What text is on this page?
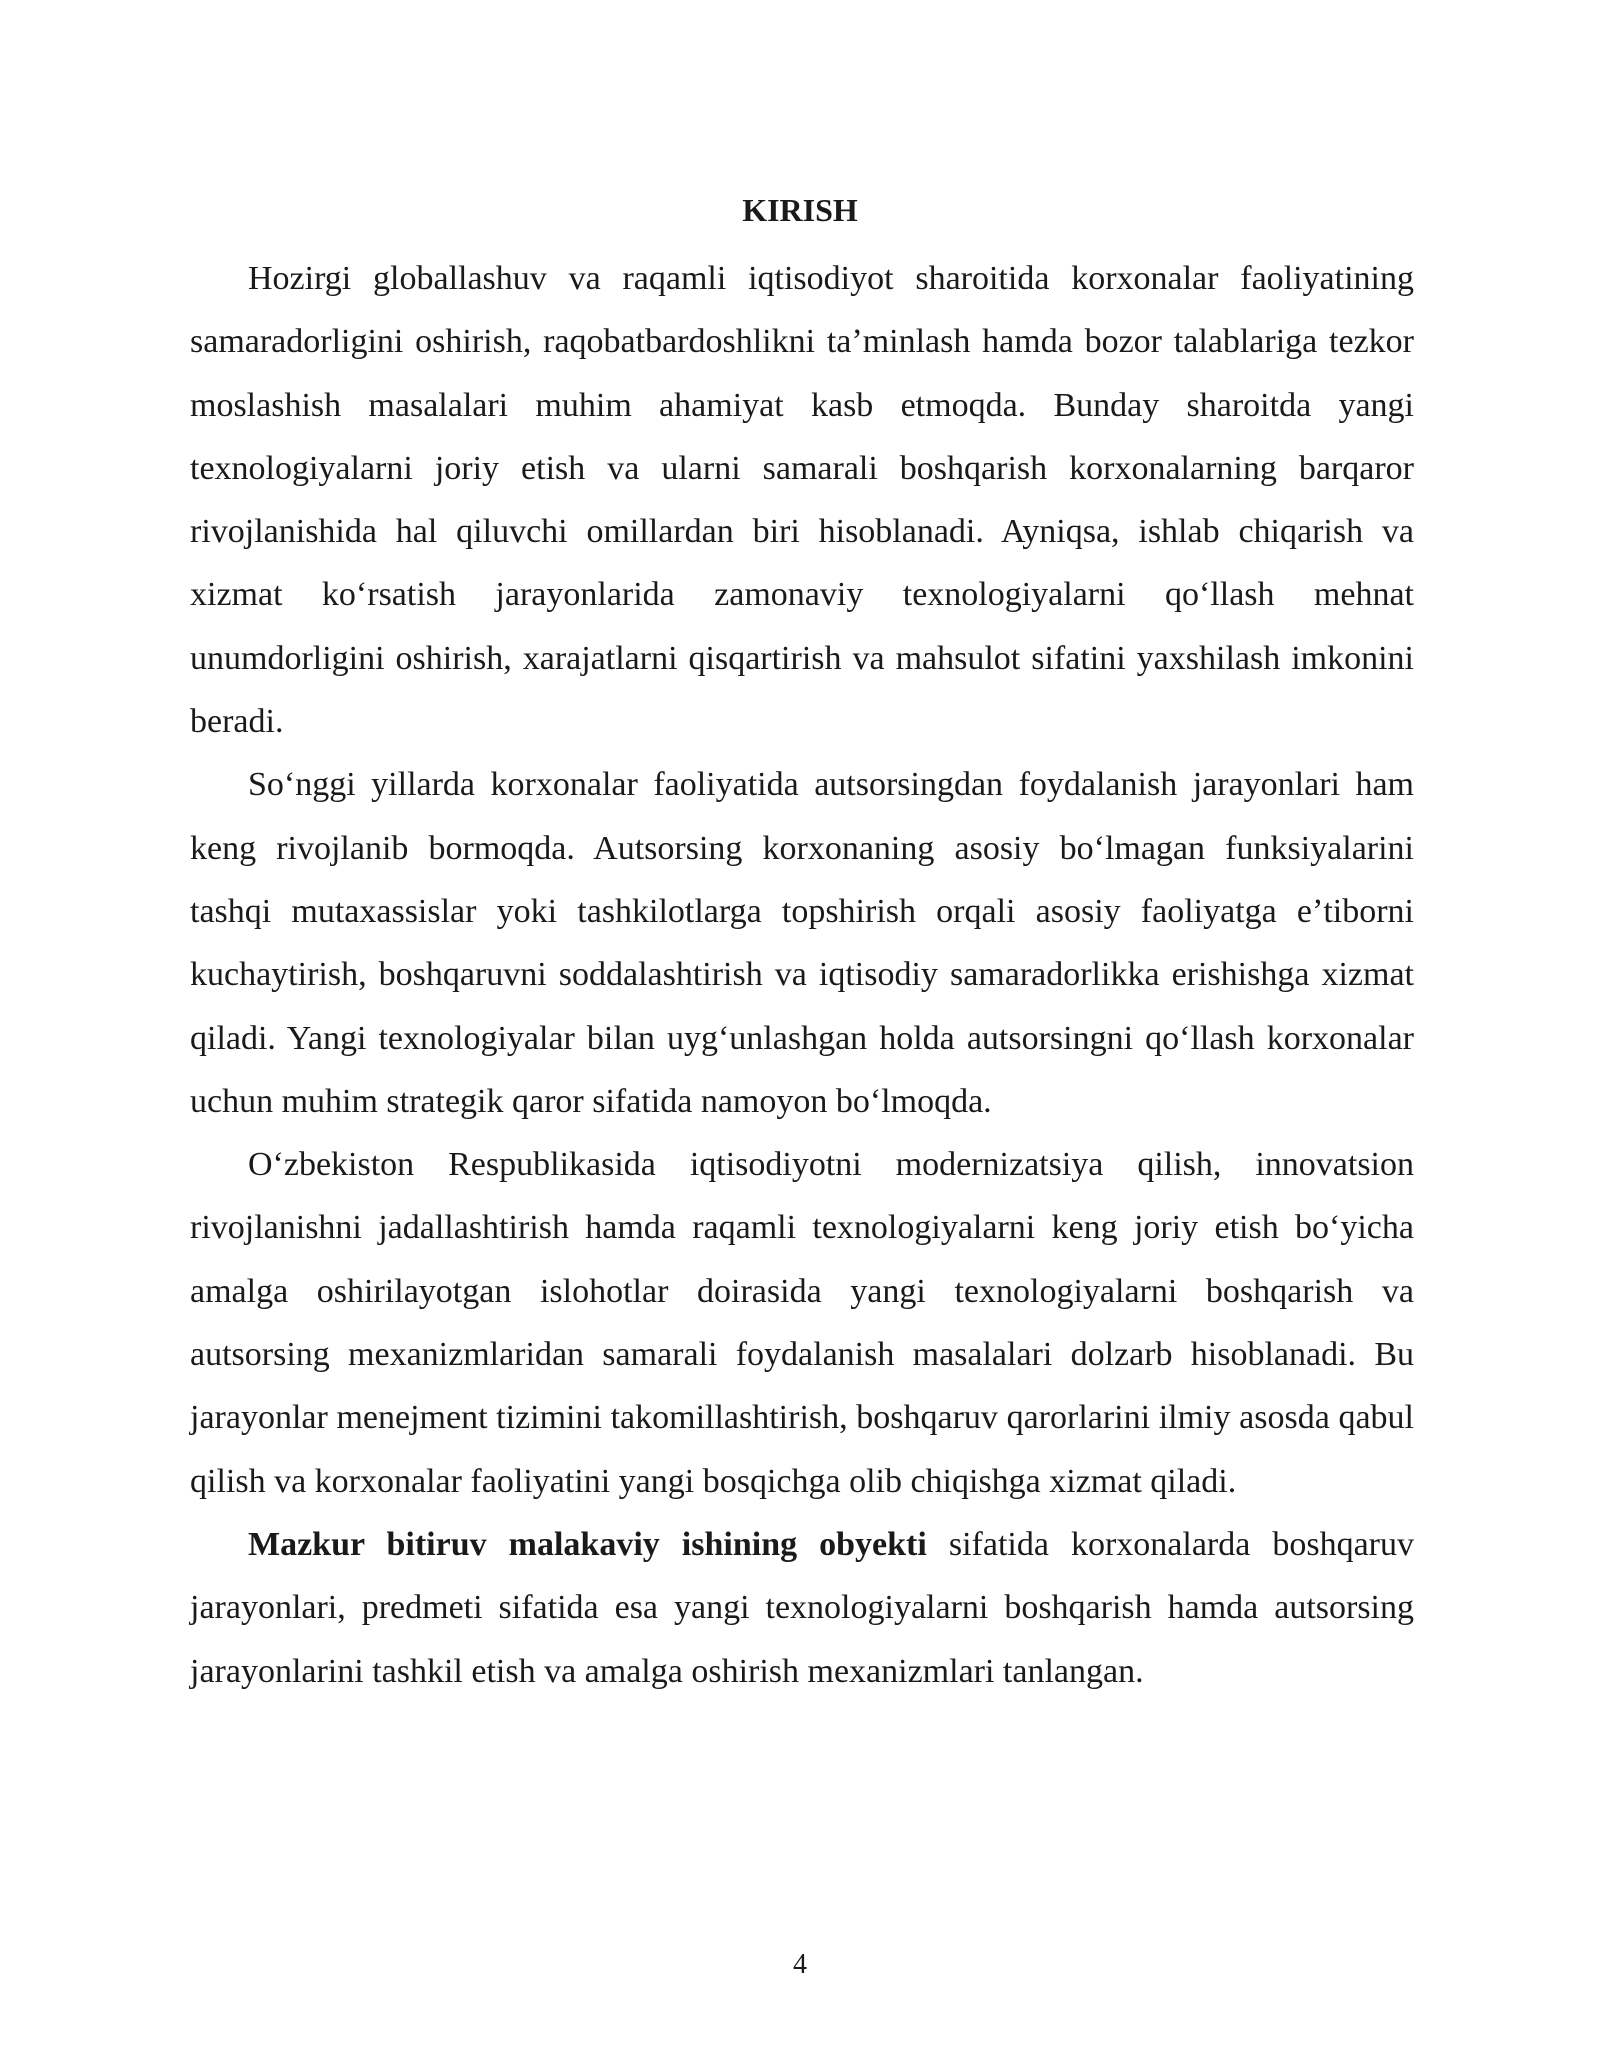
KIRISH

Hozirgi globallashuv va raqamli iqtisodiyot sharoitida korxonalar faoliyatining samaradorligini oshirish, raqobatbardoshlikni taʼminlash hamda bozor talablariga tezkor moslashish masalalari muhim ahamiyat kasb etmoqda. Bunday sharoitda yangi texnologiyalarni joriy etish va ularni samarali boshqarish korxonalarning barqaror rivojlanishida hal qiluvchi omillardan biri hisoblanadi. Ayniqsa, ishlab chiqarish va xizmat koʻrsatish jarayonlarida zamonaviy texnologiyalarni qoʻllash mehnat unumdorligini oshirish, xarajatlarni qisqartirish va mahsulot sifatini yaxshilash imkonini beradi.

Soʻnggi yillarda korxonalar faoliyatida autsorsingdan foydalanish jarayonlari ham keng rivojlanib bormoqda. Autsorsing korxonaning asosiy boʻlmagan funksiyalarini tashqi mutaxassislar yoki tashkilotlarga topshirish orqali asosiy faoliyatga eʼtiborni kuchaytirish, boshqaruvni soddalashtirish va iqtisodiy samaradorlikka erishishga xizmat qiladi. Yangi texnologiyalar bilan uygʻunlashgan holda autsorsingni qoʻllash korxonalar uchun muhim strategik qaror sifatida namoyon boʻlmoqda.

Oʻzbekiston Respublikasida iqtisodiyotni modernizatsiya qilish, innovatsion rivojlanishni jadallashtirish hamda raqamli texnologiyalarni keng joriy etish boʻyicha amalga oshirilayotgan islohotlar doirasida yangi texnologiyalarni boshqarish va autsorsing mexanizmlaridan samarali foydalanish masalalari dolzarb hisoblanadi. Bu jarayonlar menejment tizimini takomillashtirish, boshqaruv qarorlarini ilmiy asosda qabul qilish va korxonalar faoliyatini yangi bosqichga olib chiqishga xizmat qiladi.

Mazkur bitiruv malakaviy ishining obyekti sifatida korxonalarda boshqaruv jarayonlari, predmeti sifatida esa yangi texnologiyalarni boshqarish hamda autsorsing jarayonlarini tashkil etish va amalga oshirish mexanizmlari tanlangan.

4
